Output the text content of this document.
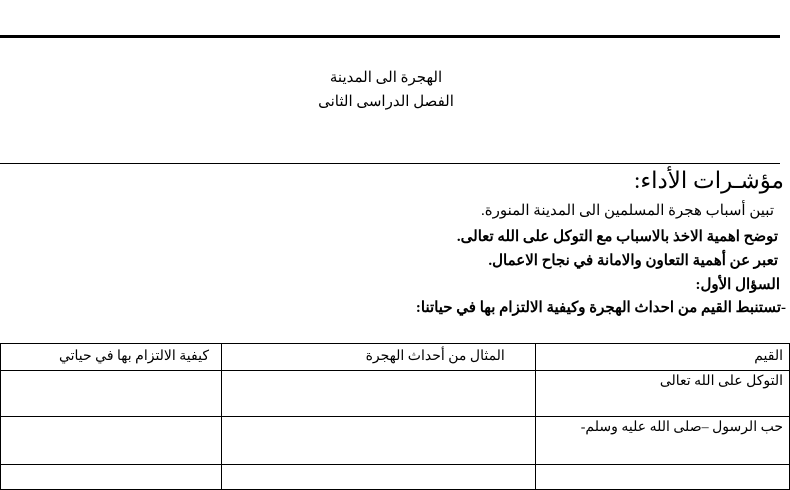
الهجرة الى المدينة
الفصل الدراسى الثانى
مؤشـرات الأداء:
تبين أسباب هجرة المسلمين الى المدينة المنورة.
توضح اهمية الاخذ بالاسباب مع التوكل على الله تعالى.
تعبر عن أهمية التعاون والامانة في نجاح الاعمال.
السؤال الأول:
-تستنبط القيم من احداث الهجرة وكيفية الالتزام بها في حياتنا:
القيم	المثال من أحداث الهجرة	كيفية الالتزام بها في حياتي
التوكل على الله تعالى		
حب الرسول –صلى الله عليه وسلم-		
